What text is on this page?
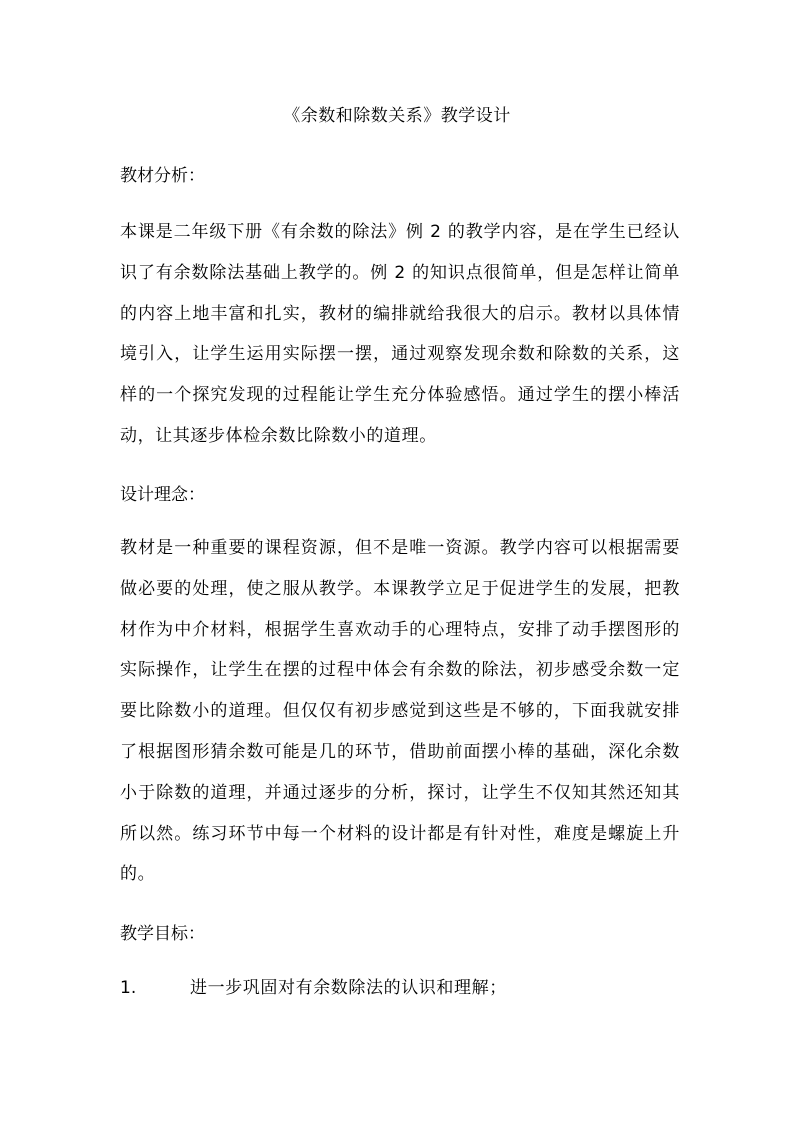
《余数和除数关系》教学设计
教材分析：
本课是二年级下册《有余数的除法》例 2 的教学内容，是在学生已经认识了有余数除法基础上教学的。例 2 的知识点很简单，但是怎样让简单的内容上地丰富和扎实，教材的编排就给我很大的启示。教材以具体情境引入，让学生运用实际摆一摆，通过观察发现余数和除数的关系，这样的一个探究发现的过程能让学生充分体验感悟。通过学生的摆小棒活动，让其逐步体检余数比除数小的道理。
设计理念：
教材是一种重要的课程资源，但不是唯一资源。教学内容可以根据需要做必要的处理，使之服从教学。本课教学立足于促进学生的发展，把教材作为中介材料，根据学生喜欢动手的心理特点，安排了动手摆图形的实际操作，让学生在摆的过程中体会有余数的除法，初步感受余数一定要比除数小的道理。但仅仅有初步感觉到这些是不够的，下面我就安排了根据图形猜余数可能是几的环节，借助前面摆小棒的基础，深化余数小于除数的道理，并通过逐步的分析，探讨，让学生不仅知其然还知其所以然。练习环节中每一个材料的设计都是有针对性，难度是螺旋上升的。
教学目标：
1.	进一步巩固对有余数除法的认识和理解；
